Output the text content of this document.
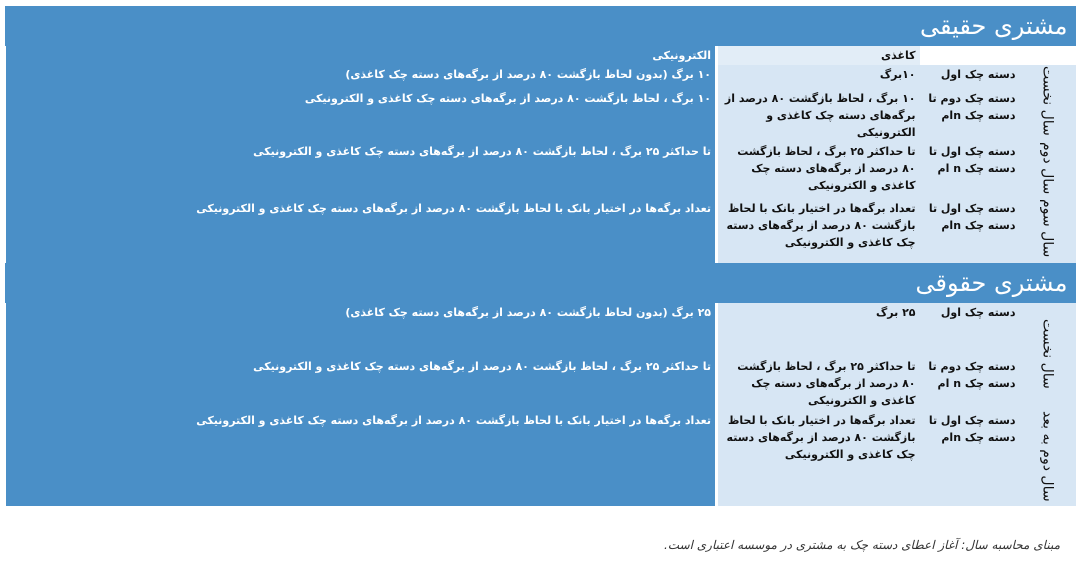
مشتری حقیقی			
		کاغذی	الکترونیکی
سال نخست	دسته چک اول	۱۰برگ	۱۰ برگ (بدون لحاظ بازگشت ۸۰ درصد از برگه‌های دسته چک کاغذی)
	دسته چک دوم تا دسته چک nام	۱۰ برگ ، لحاظ بازگشت ۸۰ درصد از برگه‌های دسته چک کاغذی و الکترونیکی	۱۰ برگ ، لحاظ بازگشت ۸۰ درصد از برگه‌های دسته چک کاغذی و الکترونیکی
سال دوم	دسته چک اول تا دسته چک n ام	تا حداکثر ۲۵ برگ ، لحاظ بازگشت ۸۰ درصد از برگه‌های دسته چک کاغذی و الکترونیکی	تا حداکثر ۲۵ برگ ، لحاظ بازگشت ۸۰ درصد از برگه‌های دسته چک کاغذی و الکترونیکی
سال سوم	دسته چک اول تا دسته چک nام	تعداد برگه‌ها در اختیار بانک با لحاظ بازگشت ۸۰ درصد از برگه‌های دسته چک کاغذی و الکترونیکی	تعداد برگه‌ها در اختیار بانک با لحاظ بازگشت ۸۰ درصد از برگه‌های دسته چک کاغذی و الکترونیکی
مشتری حقوقی			
سال نخست	دسته چک اول	۲۵ برگ	۲۵ برگ (بدون لحاظ بازگشت ۸۰ درصد از برگه‌های دسته چک کاغذی)
	دسته چک دوم تا دسته چک n ام	تا حداکثر ۲۵ برگ ، لحاظ بازگشت ۸۰ درصد از برگه‌های دسته چک کاغذی و الکترونیکی	تا حداکثر ۲۵ برگ ، لحاظ بازگشت ۸۰ درصد از برگه‌های دسته چک کاغذی و الکترونیکی
سال دوم به بعد	دسته چک اول تا دسته چک nام	تعداد برگه‌ها در اختیار بانک با لحاظ بازگشت ۸۰ درصد از برگه‌های دسته چک کاغذی و الکترونیکی	تعداد برگه‌ها در اختیار بانک با لحاظ بازگشت ۸۰ درصد از برگه‌های دسته چک کاغذی و الکترونیکی
مبنای محاسبه سال: آغاز اعطای دسته چک به مشتری در موسسه اعتباری است.
